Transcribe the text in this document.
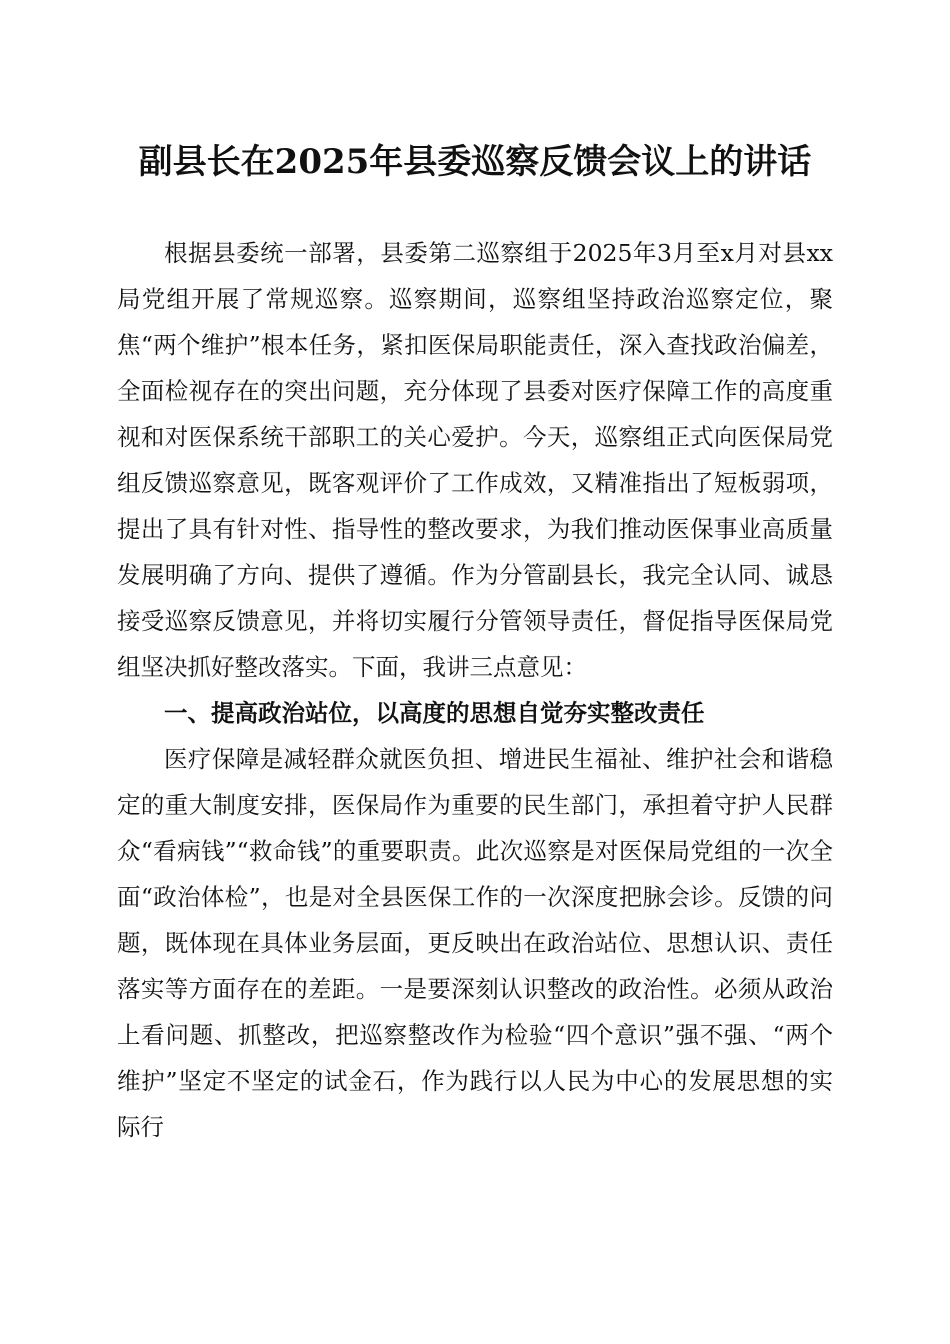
副县长在2025年县委巡察反馈会议上的讲话

根据县委统一部署，县委第二巡察组于2025年3月至x月对县xx局党组开展了常规巡察。巡察期间，巡察组坚持政治巡察定位，聚焦“两个维护”根本任务，紧扣医保局职能责任，深入查找政治偏差，全面检视存在的突出问题，充分体现了县委对医疗保障工作的高度重视和对医保系统干部职工的关心爱护。今天，巡察组正式向医保局党组反馈巡察意见，既客观评价了工作成效，又精准指出了短板弱项，提出了具有针对性、指导性的整改要求，为我们推动医保事业高质量发展明确了方向、提供了遵循。作为分管副县长，我完全认同、诚恳接受巡察反馈意见，并将切实履行分管领导责任，督促指导医保局党组坚决抓好整改落实。下面，我讲三点意见：

一、提高政治站位，以高度的思想自觉夯实整改责任

医疗保障是减轻群众就医负担、增进民生福祉、维护社会和谐稳定的重大制度安排，医保局作为重要的民生部门，承担着守护人民群众“看病钱”“救命钱”的重要职责。此次巡察是对医保局党组的一次全面“政治体检”，也是对全县医保工作的一次深度把脉会诊。反馈的问题，既体现在具体业务层面，更反映出在政治站位、思想认识、责任落实等方面存在的差距。一是要深刻认识整改的政治性。必须从政治上看问题、抓整改，把巡察整改作为检验“四个意识”强不强、“两个维护”坚定不坚定的试金石，作为践行以人民为中心的发展思想的实际行
